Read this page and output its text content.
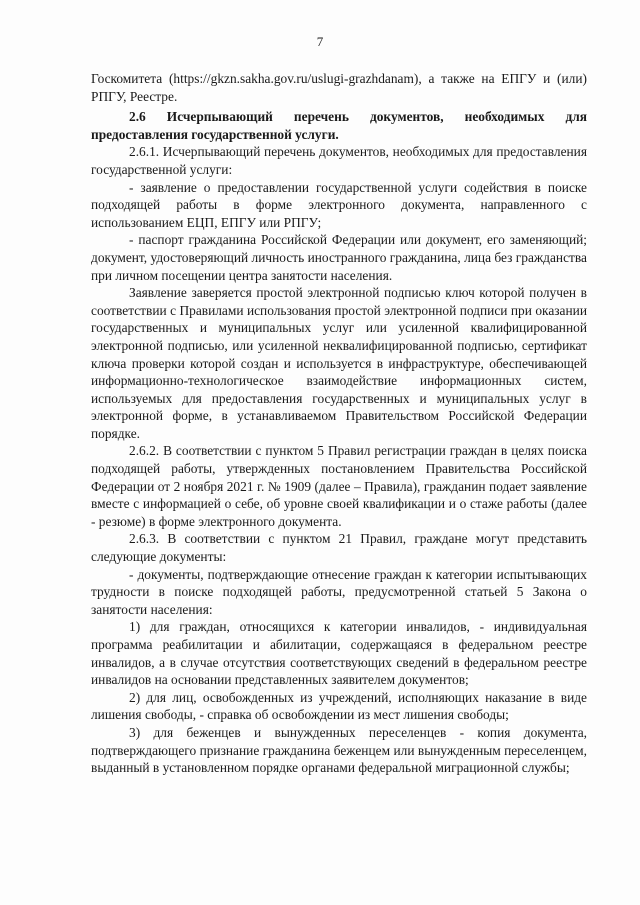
7

Госкомитета (https://gkzn.sakha.gov.ru/uslugi-grazhdanam), а также на ЕПГУ и (или) РПГУ, Реестре.

2.6 Исчерпывающий перечень документов, необходимых для предоставления государственной услуги.

2.6.1. Исчерпывающий перечень документов, необходимых для предоставления государственной услуги:

- заявление о предоставлении государственной услуги содействия в поиске подходящей работы в форме электронного документа, направленного с использованием ЕЦП, ЕПГУ или РПГУ;

- паспорт гражданина Российской Федерации или документ, его заменяющий; документ, удостоверяющий личность иностранного гражданина, лица без гражданства при личном посещении центра занятости населения.

Заявление заверяется простой электронной подписью ключ которой получен в соответствии с Правилами использования простой электронной подписи при оказании государственных и муниципальных услуг или усиленной квалифицированной электронной подписью, или усиленной неквалифицированной подписью, сертификат ключа проверки которой создан и используется в инфраструктуре, обеспечивающей информационно-технологическое взаимодействие информационных систем, используемых для предоставления государственных и муниципальных услуг в электронной форме, в устанавливаемом Правительством Российской Федерации порядке.

2.6.2. В соответствии с пунктом 5 Правил регистрации граждан в целях поиска подходящей работы, утвержденных постановлением Правительства Российской Федерации от 2 ноября 2021 г. № 1909 (далее – Правила), гражданин подает заявление вместе с информацией о себе, об уровне своей квалификации и о стаже работы (далее - резюме) в форме электронного документа.

2.6.3. В соответствии с пунктом 21 Правил, граждане могут представить следующие документы:

- документы, подтверждающие отнесение граждан к категории испытывающих трудности в поиске подходящей работы, предусмотренной статьей 5 Закона о занятости населения:

1) для граждан, относящихся к категории инвалидов, - индивидуальная программа реабилитации и абилитации, содержащаяся в федеральном реестре инвалидов, а в случае отсутствия соответствующих сведений в федеральном реестре инвалидов на основании представленных заявителем документов;

2) для лиц, освобожденных из учреждений, исполняющих наказание в виде лишения свободы, - справка об освобождении из мест лишения свободы;

3) для беженцев и вынужденных переселенцев - копия документа, подтверждающего признание гражданина беженцем или вынужденным переселенцем, выданный в установленном порядке органами федеральной миграционной службы;
